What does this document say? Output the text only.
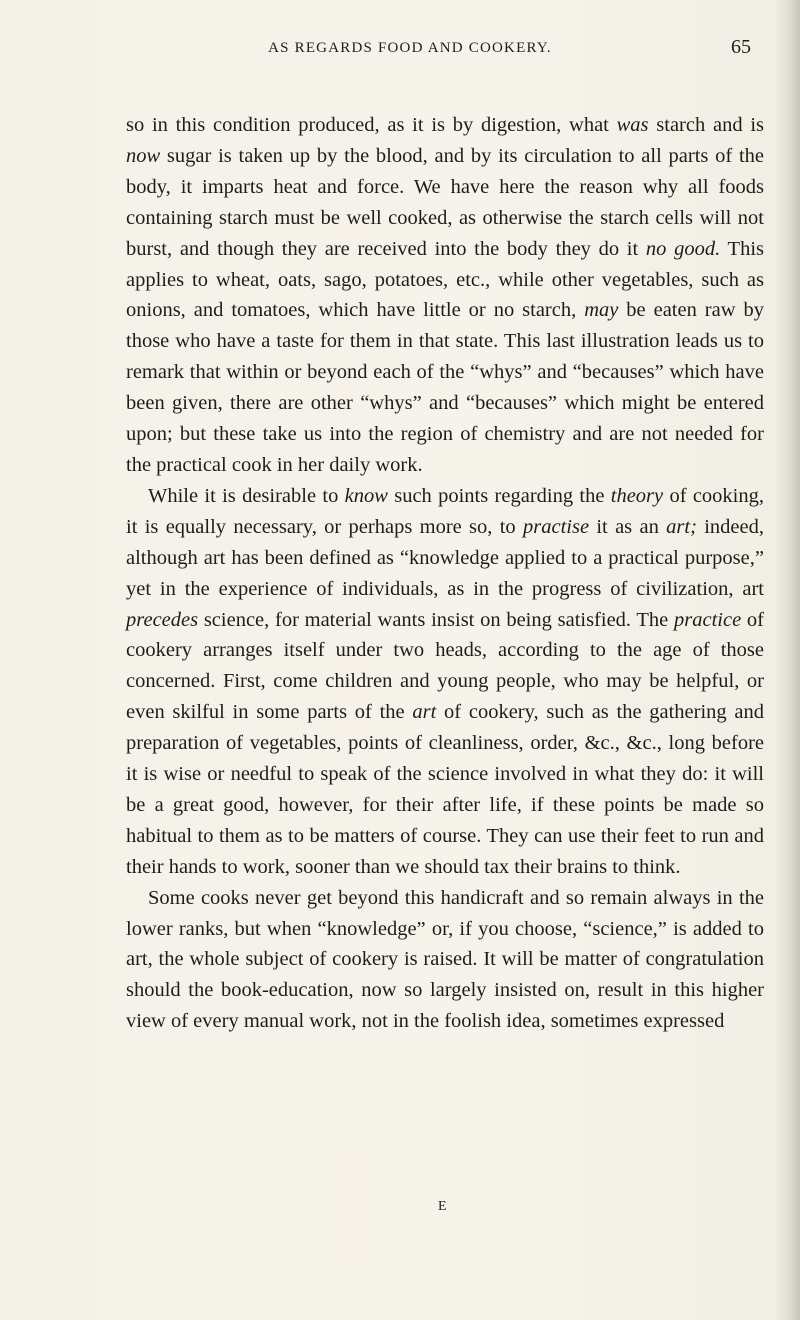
AS REGARDS FOOD AND COOKERY.	65

so in this condition produced, as it is by digestion, what was starch and is now sugar is taken up by the blood, and by its circulation to all parts of the body, it imparts heat and force. We have here the reason why all foods containing starch must be well cooked, as otherwise the starch cells will not burst, and though they are received into the body they do it no good. This applies to wheat, oats, sago, potatoes, etc., while other vegetables, such as onions, and tomatoes, which have little or no starch, may be eaten raw by those who have a taste for them in that state. This last illustration leads us to remark that within or beyond each of the “whys” and “becauses” which have been given, there are other “whys” and “becauses” which might be entered upon; but these take us into the region of chemistry and are not needed for the practical cook in her daily work.

While it is desirable to know such points regarding the theory of cooking, it is equally necessary, or perhaps more so, to practise it as an art; indeed, although art has been defined as “knowledge applied to a practical purpose,” yet in the experience of individuals, as in the progress of civilization, art precedes science, for material wants insist on being satisfied. The practice of cookery arranges itself under two heads, according to the age of those concerned. First, come children and young people, who may be helpful, or even skilful in some parts of the art of cookery, such as the gathering and preparation of vegetables, points of cleanliness, order, &c., &c., long before it is wise or needful to speak of the science involved in what they do: it will be a great good, however, for their after life, if these points be made so habitual to them as to be matters of course. They can use their feet to run and their hands to work, sooner than we should tax their brains to think.

Some cooks never get beyond this handicraft and so remain always in the lower ranks, but when “knowledge” or, if you choose, “science,” is added to art, the whole subject of cookery is raised. It will be matter of congratulation should the book-education, now so largely insisted on, result in this higher view of every manual work, not in the foolish idea, sometimes expressed

E
